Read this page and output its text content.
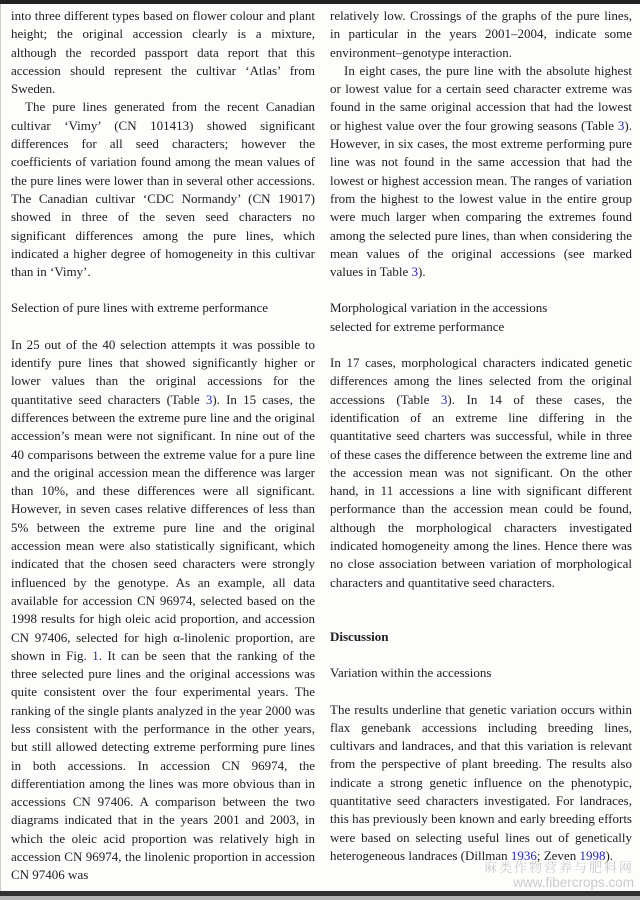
into three different types based on flower colour and plant height; the original accession clearly is a mixture, although the recorded passport data report that this accession should represent the cultivar ‘Atlas’ from Sweden.

The pure lines generated from the recent Canadian cultivar ‘Vimy’ (CN 101413) showed significant differences for all seed characters; however the coefficients of variation found among the mean values of the pure lines were lower than in several other accessions. The Canadian cultivar ‘CDC Normandy’ (CN 19017) showed in three of the seven seed characters no significant differences among the pure lines, which indicated a higher degree of homogeneity in this cultivar than in ‘Vimy’.

Selection of pure lines with extreme performance

In 25 out of the 40 selection attempts it was possible to identify pure lines that showed significantly higher or lower values than the original accessions for the quantitative seed characters (Table 3). In 15 cases, the differences between the extreme pure line and the original accession’s mean were not significant. In nine out of the 40 comparisons between the extreme value for a pure line and the original accession mean the difference was larger than 10%, and these differences were all significant. However, in seven cases relative differences of less than 5% between the extreme pure line and the original accession mean were also statistically significant, which indicated that the chosen seed characters were strongly influenced by the genotype. As an example, all data available for accession CN 96974, selected based on the 1998 results for high oleic acid proportion, and accession CN 97406, selected for high α-linolenic proportion, are shown in Fig. 1. It can be seen that the ranking of the three selected pure lines and the original accessions was quite consistent over the four experimental years. The ranking of the single plants analyzed in the year 2000 was less consistent with the performance in the other years, but still allowed detecting extreme performing pure lines in both accessions. In accession CN 96974, the differentiation among the lines was more obvious than in accessions CN 97406. A comparison between the two diagrams indicated that in the years 2001 and 2003, in which the oleic acid proportion was relatively high in accession CN 96974, the linolenic proportion in accession CN 97406 was

relatively low. Crossings of the graphs of the pure lines, in particular in the years 2001–2004, indicate some environment–genotype interaction.

In eight cases, the pure line with the absolute highest or lowest value for a certain seed character extreme was found in the same original accession that had the lowest or highest value over the four growing seasons (Table 3). However, in six cases, the most extreme performing pure line was not found in the same accession that had the lowest or highest accession mean. The ranges of variation from the highest to the lowest value in the entire group were much larger when comparing the extremes found among the selected pure lines, than when considering the mean values of the original accessions (see marked values in Table 3).

Morphological variation in the accessions
selected for extreme performance

In 17 cases, morphological characters indicated genetic differences among the lines selected from the original accessions (Table 3). In 14 of these cases, the identification of an extreme line differing in the quantitative seed charters was successful, while in three of these cases the difference between the extreme line and the accession mean was not significant. On the other hand, in 11 accessions a line with significant different performance than the accession mean could be found, although the morphological characters investigated indicated homogeneity among the lines. Hence there was no close association between variation of morphological characters and quantitative seed characters.

Discussion

Variation within the accessions

The results underline that genetic variation occurs within flax genebank accessions including breeding lines, cultivars and landraces, and that this variation is relevant from the perspective of plant breeding. The results also indicate a strong genetic influence on the phenotypic, quantitative seed characters investigated. For landraces, this has previously been known and early breeding efforts were based on selecting useful lines out of genetically heterogeneous landraces (Dillman 1936; Zeven 1998).

麻类作物营养与肥料网
www.fibercrops.com
